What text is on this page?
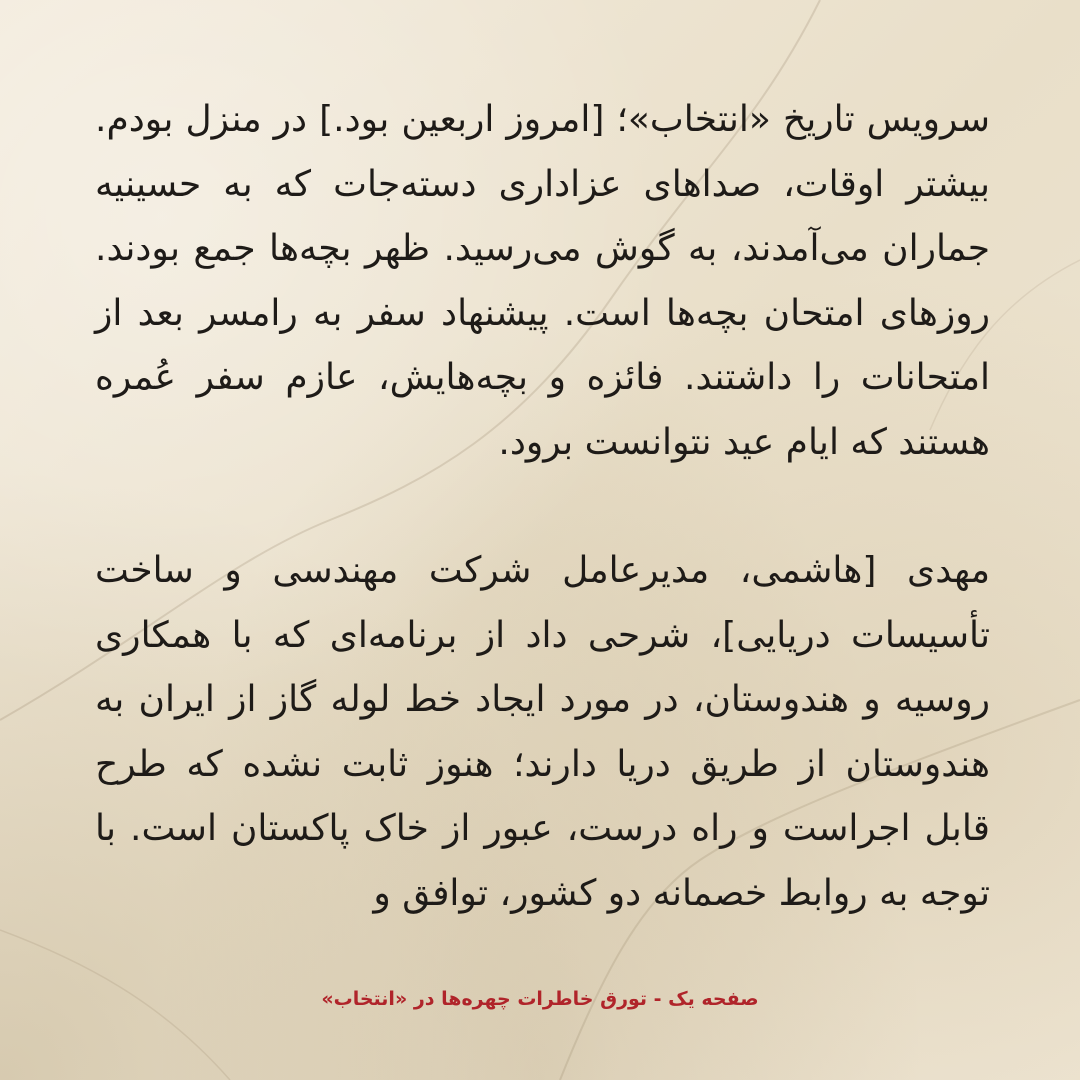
سرویس تاریخ «انتخاب»؛ [امروز اربعین بود.] در منزل بودم. بیشتر اوقات، صداهای عزاداری دسته‌جات که به حسینیه جماران می‌آمدند، به گوش می‌رسید. ظهر بچه‌ها جمع بودند. روزهای امتحان بچه‌ها است. پیشنهاد سفر به رامسر بعد از امتحانات را داشتند. فائزه و بچه‌هایش، عازم سفر عُمره هستند که ایام عید نتوانست برود.

مهدی [هاشمی، مدیرعامل شرکت مهندسی و ساخت تأسیسات دریایی]، شرحی داد از برنامه‌ای که با همکاری روسیه و هندوستان، در مورد ایجاد خط لوله گاز از ایران به هندوستان از طریق دریا دارند؛ هنوز ثابت نشده که طرح قابل اجراست و راه درست، عبور از خاک پاکستان است. با توجه به روابط خصمانه دو کشور، توافق و

صفحه یک - تورق خاطرات چهره‌ها در «انتخاب»
